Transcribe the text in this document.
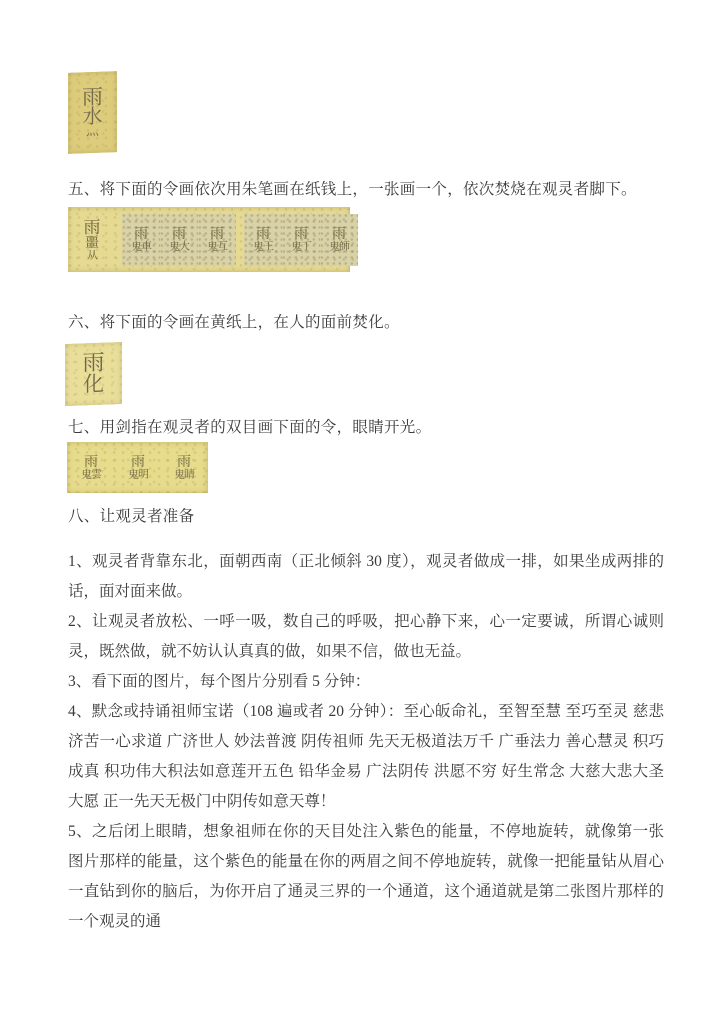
雨
水
灬

五、将下面的令画依次用朱笔画在纸钱上，一张画一个，依次焚烧在观灵者脚下。

雨
噩
从
雨
鬼車
雨
鬼大
雨
鬼互
雨
鬼王
雨
鬼丁
雨
鬼師

六、将下面的令画在黄纸上，在人的面前焚化。

雨
化

七、用剑指在观灵者的双目画下面的令，眼睛开光。

雨
鬼雲
雨
鬼明
雨
鬼睛

八、让观灵者准备

1、观灵者背靠东北，面朝西南（正北倾斜 30 度），观灵者做成一排，如果坐成两排的话，面对面来做。

2、让观灵者放松、一呼一吸，数自己的呼吸，把心静下来，心一定要诚，所谓心诚则灵，既然做，就不妨认认真真的做，如果不信，做也无益。

3、看下面的图片，每个图片分别看 5 分钟：

4、默念或持诵祖师宝诺（108 遍或者 20 分钟）：至心皈命礼，至智至慧 至巧至灵 慈悲济苦一心求道 广济世人 妙法普渡 阴传祖师 先天无极道法万千 广垂法力 善心慧灵 积巧成真 积功伟大积法如意莲开五色 铅华金易 广法阴传 洪愿不穷 好生常念 大慈大悲大圣大愿 正一先天无极门中阴传如意天尊！

5、之后闭上眼睛，想象祖师在你的天目处注入紫色的能量，不停地旋转，就像第一张图片那样的能量，这个紫色的能量在你的两眉之间不停地旋转，就像一把能量钻从眉心一直钻到你的脑后，为你开启了通灵三界的一个通道，这个通道就是第二张图片那样的一个观灵的通
